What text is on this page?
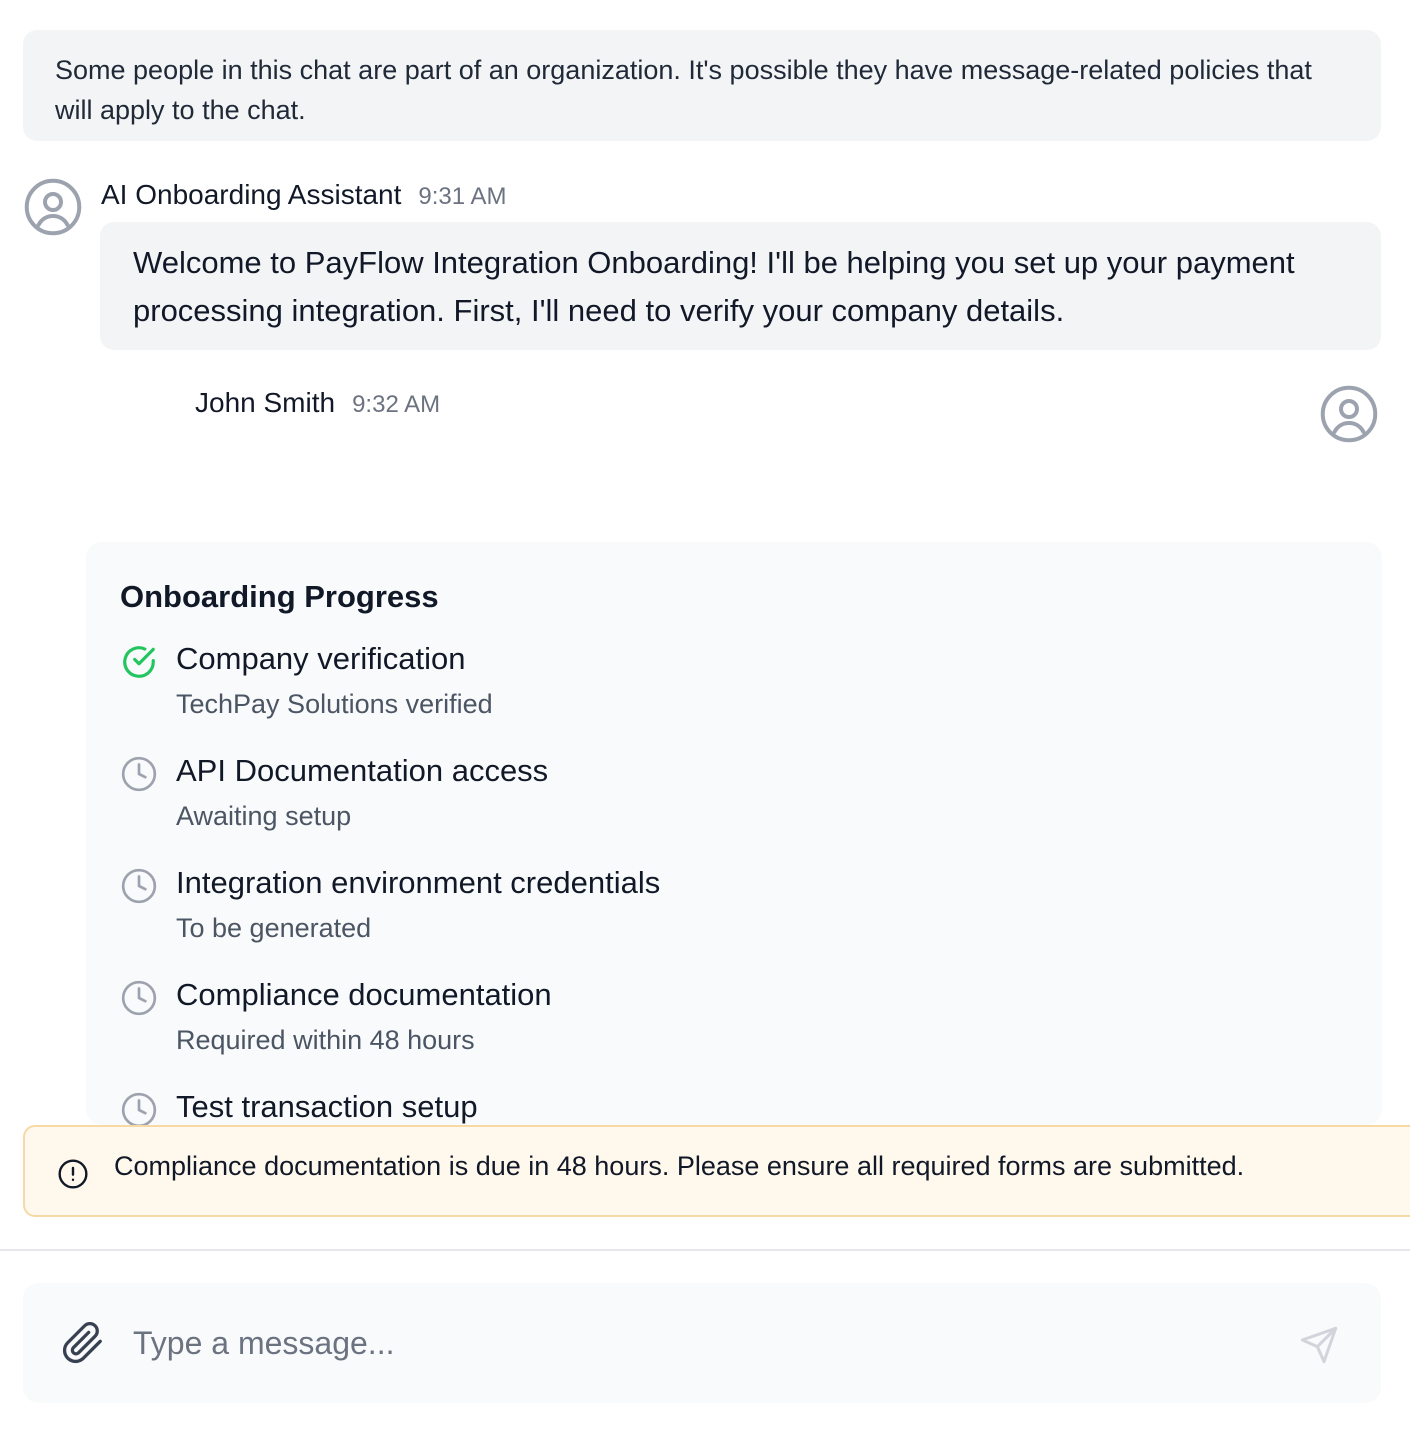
Some people in this chat are part of an organization. It's possible they have message-related policies that will apply to the chat.
AI Onboarding Assistant 9:31 AM
Welcome to PayFlow Integration Onboarding! I'll be helping you set up your payment processing integration. First, I'll need to verify your company details.
John Smith 9:32 AM
Onboarding Progress
Company verification
TechPay Solutions verified
API Documentation access
Awaiting setup
Integration environment credentials
To be generated
Compliance documentation
Required within 48 hours
Test transaction setup
Compliance documentation is due in 48 hours. Please ensure all required forms are submitted.
Type a message...
